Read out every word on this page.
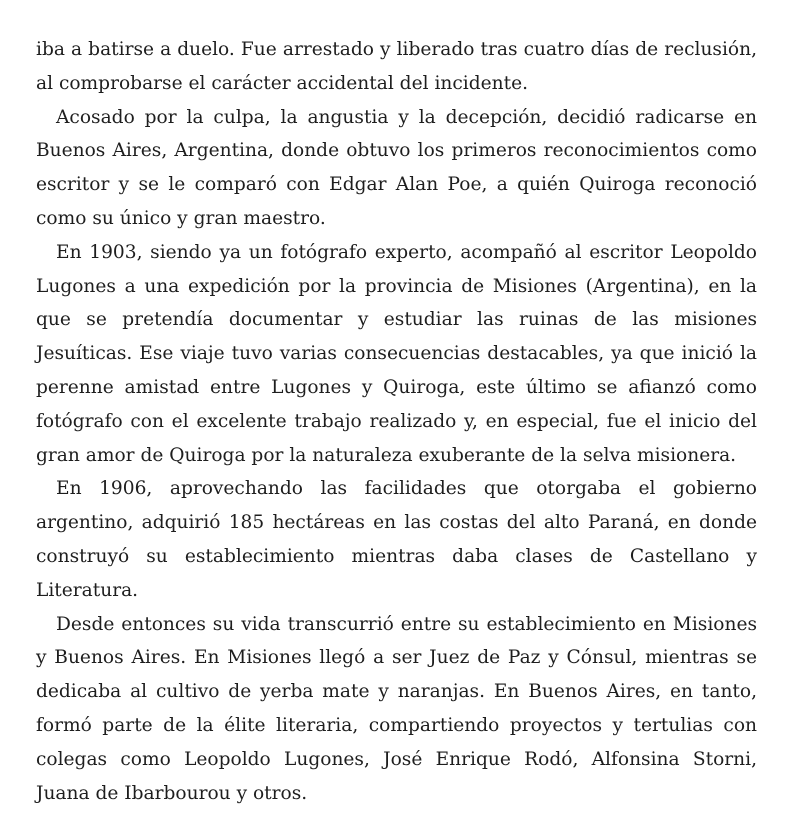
iba a batirse a duelo. Fue arrestado y liberado tras cuatro días de reclusión, al comprobarse el carácter accidental del incidente.

Acosado por la culpa, la angustia y la decepción, decidió radicarse en Buenos Aires, Argentina, donde obtuvo los primeros reconocimientos como escritor y se le comparó con Edgar Alan Poe, a quién Quiroga reconoció como su único y gran maestro.

En 1903, siendo ya un fotógrafo experto, acompañó al escritor Leopoldo Lugones a una expedición por la provincia de Misiones (Argentina), en la que se pretendía documentar y estudiar las ruinas de las misiones Jesuíticas. Ese viaje tuvo varias consecuencias destacables, ya que inició la perenne amistad entre Lugones y Quiroga, este último se afianzó como fotógrafo con el excelente trabajo realizado y, en especial, fue el inicio del gran amor de Quiroga por la naturaleza exuberante de la selva misionera.

En 1906, aprovechando las facilidades que otorgaba el gobierno argentino, adquirió 185 hectáreas en las costas del alto Paraná, en donde construyó su establecimiento mientras daba clases de Castellano y Literatura.

Desde entonces su vida transcurrió entre su establecimiento en Misiones y Buenos Aires. En Misiones llegó a ser Juez de Paz y Cónsul, mientras se dedicaba al cultivo de yerba mate y naranjas. En Buenos Aires, en tanto, formó parte de la élite literaria, compartiendo proyectos y tertulias con colegas como Leopoldo Lugones, José Enrique Rodó, Alfonsina Storni, Juana de Ibarbourou y otros.
